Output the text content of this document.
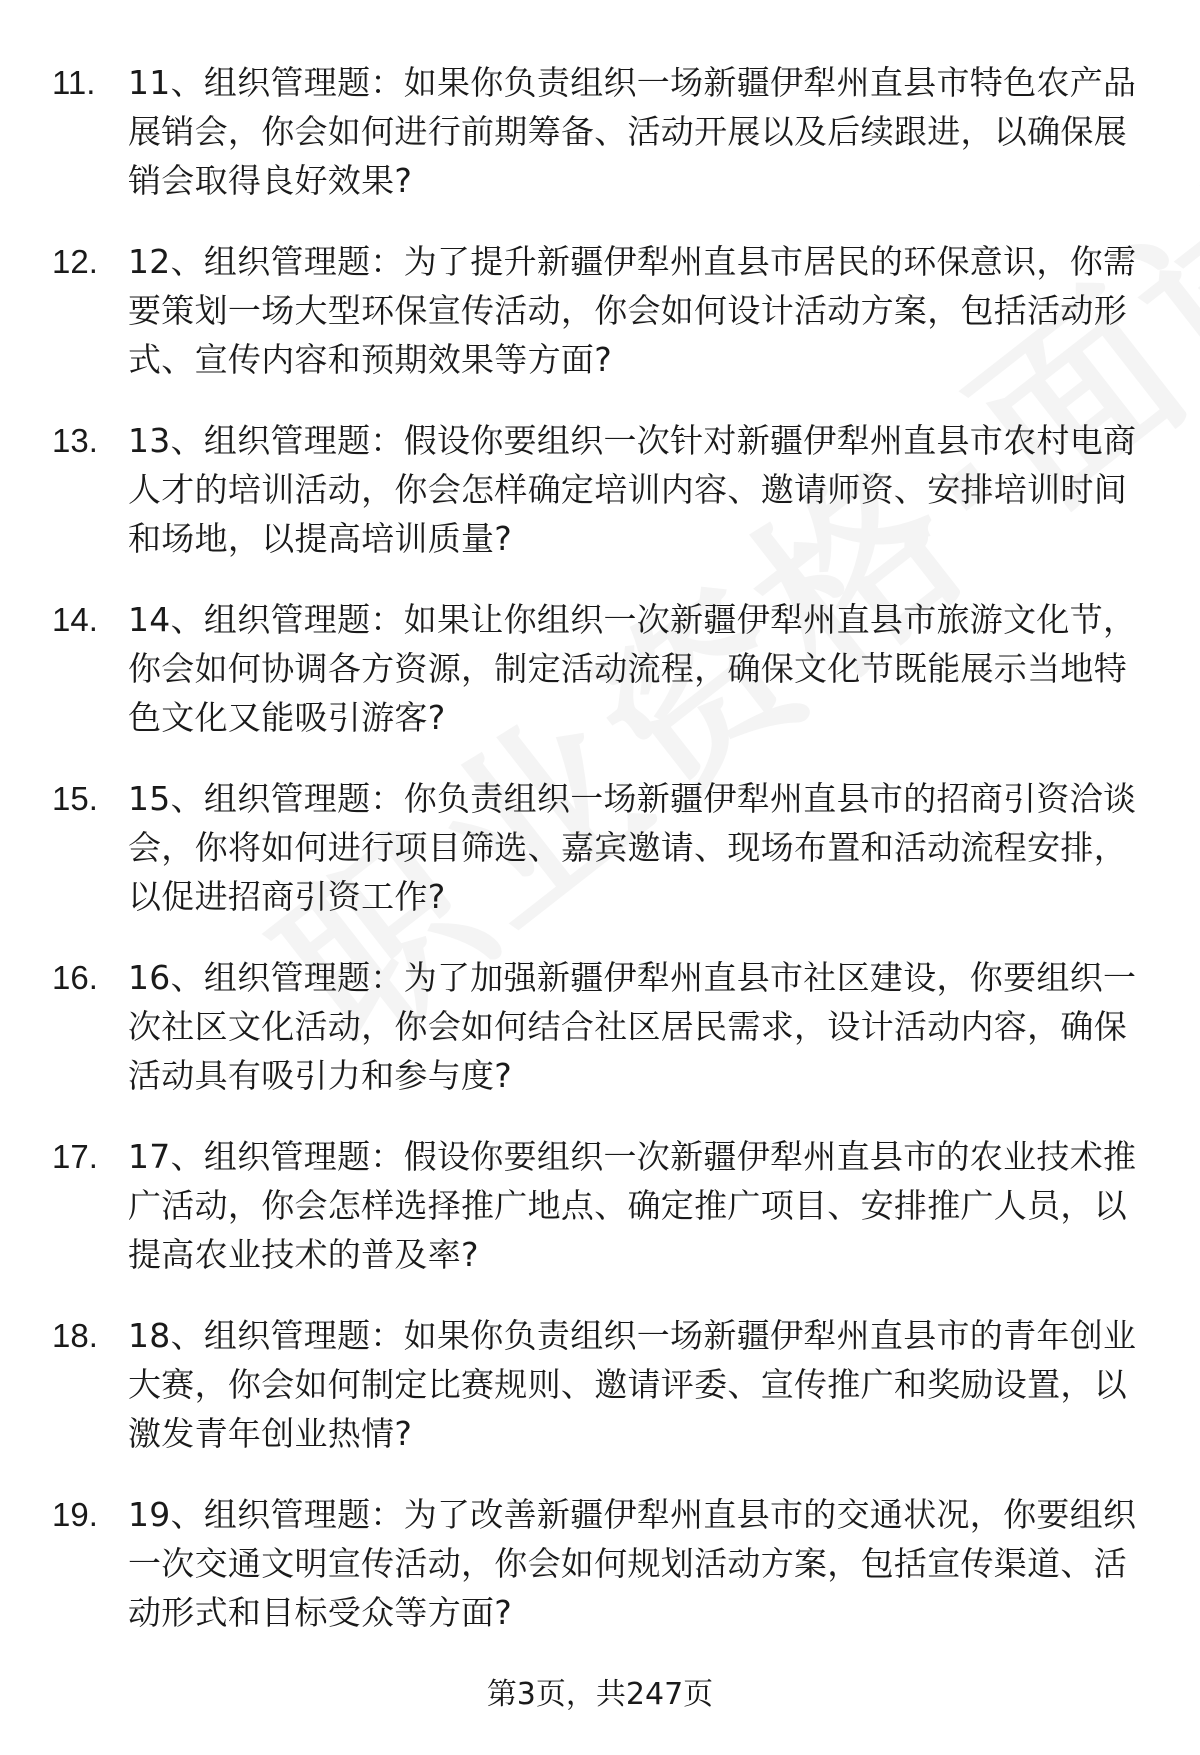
11. 11、组织管理题：如果你负责组织一场新疆伊犁州直县市特色农产品展销会，你会如何进行前期筹备、活动开展以及后续跟进，以确保展销会取得良好效果?
12. 12、组织管理题：为了提升新疆伊犁州直县市居民的环保意识，你需要策划一场大型环保宣传活动，你会如何设计活动方案，包括活动形式、宣传内容和预期效果等方面?
13. 13、组织管理题：假设你要组织一次针对新疆伊犁州直县市农村电商人才的培训活动，你会怎样确定培训内容、邀请师资、安排培训时间和场地，以提高培训质量?
14. 14、组织管理题：如果让你组织一次新疆伊犁州直县市旅游文化节，你会如何协调各方资源，制定活动流程，确保文化节既能展示当地特色文化又能吸引游客?
15. 15、组织管理题：你负责组织一场新疆伊犁州直县市的招商引资洽谈会，你将如何进行项目筛选、嘉宾邀请、现场布置和活动流程安排，以促进招商引资工作?
16. 16、组织管理题：为了加强新疆伊犁州直县市社区建设，你要组织一次社区文化活动，你会如何结合社区居民需求，设计活动内容，确保活动具有吸引力和参与度?
17. 17、组织管理题：假设你要组织一次新疆伊犁州直县市的农业技术推广活动，你会怎样选择推广地点、确定推广项目、安排推广人员，以提高农业技术的普及率?
18. 18、组织管理题：如果你负责组织一场新疆伊犁州直县市的青年创业大赛，你会如何制定比赛规则、邀请评委、宣传推广和奖励设置，以激发青年创业热情?
19. 19、组织管理题：为了改善新疆伊犁州直县市的交通状况，你要组织一次交通文明宣传活动，你会如何规划活动方案，包括宣传渠道、活动形式和目标受众等方面?
第3页，共247页
